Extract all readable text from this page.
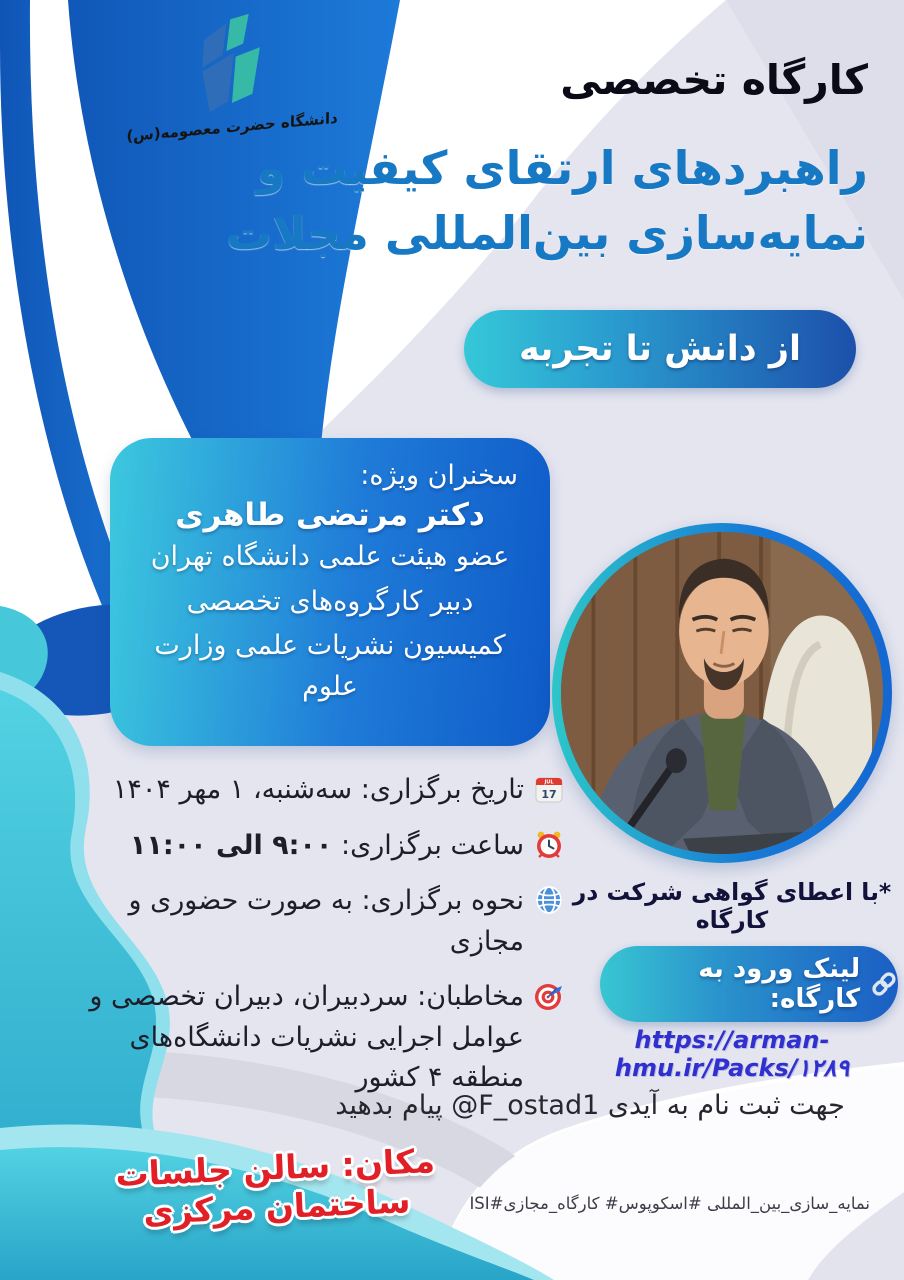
دانشگاه حضرت معصومه(س)
کارگاه تخصصی
راهبردهای ارتقای کیفیت و
نمایه‌سازی بین‌المللی مجلات
از دانش تا تجربه
سخنران ویژه:
دکتر مرتضی طاهری
عضو هیئت علمی دانشگاه تهران
دبیر کارگروه‌های تخصصی
کمیسیون نشریات علمی وزارت علوم
JUL
17
تاریخ برگزاری: سه‌شنبه، ۱ مهر ۱۴۰۴
ساعت برگزاری: ۹:۰۰ الی ۱۱:۰۰
نحوه برگزاری: به صورت حضوری و مجازی
مخاطبان: سردبیران، دبیران تخصصی و عوامل اجرایی نشریات دانشگاه‌های منطقه ۴ کشور
*با اعطای گواهی شرکت در کارگاه
لینک ورود به کارگاه:
https://arman-hmu.ir/Packs/۱۲۸۹
جهت ثبت نام به آیدی ‎@F_ostad1‎ پیام بدهید
مکان: سالن جلسات ساختمان مرکزی	نمایه_سازی_بین_المللی #اسکوپوس# کارگاه_مجازی#ISI
